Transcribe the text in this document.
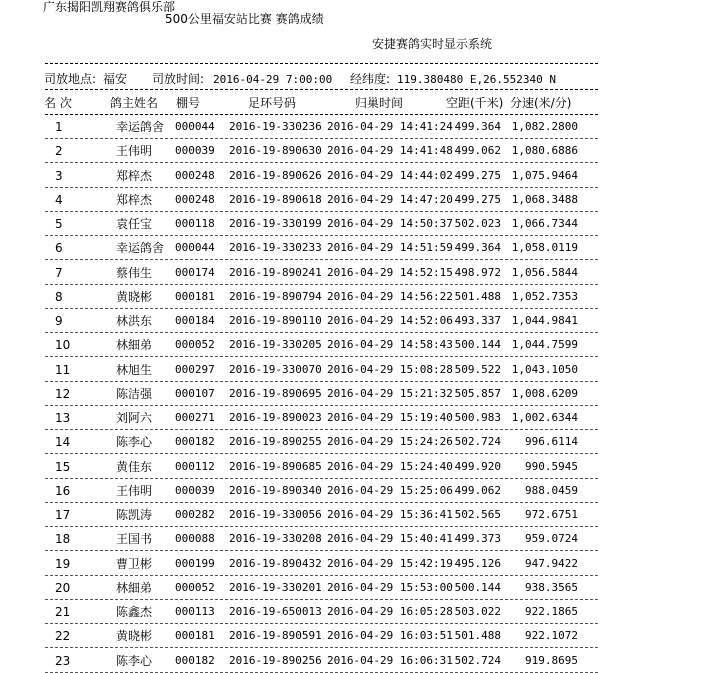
广东揭阳凯翔赛鸽俱乐部
500公里福安站比赛 赛鸽成绩
安捷赛鸽实时显示系统
司放地点: 福安 司放时间: 2016-04-29 7:00:00 经纬度: 119.380480 E,26.552340 N
名 次	鸽主姓名 棚号	足环号码	归巢时间	空距(千米) 分速(米/分)
1	幸运鸽舍 000044 2016-19-330236 2016-04-29 14:41:24 499.364 1,082.2800
2	王伟明 000039 2016-19-890630 2016-04-29 14:41:48 499.062 1,080.6886
3	郑梓杰 000248 2016-19-890626 2016-04-29 14:44:02 499.275 1,075.9464
4	郑梓杰 000248 2016-19-890618 2016-04-29 14:47:20 499.275 1,068.3488
5	袁任宝 000118 2016-19-330199 2016-04-29 14:50:37 502.023 1,066.7344
6	幸运鸽舍 000044 2016-19-330233 2016-04-29 14:51:59 499.364 1,058.0119
7	蔡伟生 000174 2016-19-890241 2016-04-29 14:52:15 498.972 1,056.5844
8	黄晓彬 000181 2016-19-890794 2016-04-29 14:56:22 501.488 1,052.7353
9	林洪东 000184 2016-19-890110 2016-04-29 14:52:06 493.337 1,044.9841
10	林細弟 000052 2016-19-330205 2016-04-29 14:58:43 500.144 1,044.7599
11	林旭生 000297 2016-19-330070 2016-04-29 15:08:28 509.522 1,043.1050
12	陈洁强 000107 2016-19-890695 2016-04-29 15:21:32 505.857 1,008.6209
13	刘阿六 000271 2016-19-890023 2016-04-29 15:19:40 500.983 1,002.6344
14	陈李心 000182 2016-19-890255 2016-04-29 15:24:26 502.724 996.6114
15	黄佳东 000112 2016-19-890685 2016-04-29 15:24:40 499.920 990.5945
16	王伟明 000039 2016-19-890340 2016-04-29 15:25:06 499.062 988.0459
17	陈凯涛 000282 2016-19-330056 2016-04-29 15:36:41 502.565 972.6751
18	王国书 000088 2016-19-330208 2016-04-29 15:40:41 499.373 959.0724
19	曹卫彬 000199 2016-19-890432 2016-04-29 15:42:19 495.126 947.9422
20	林細弟 000052 2016-19-330201 2016-04-29 15:53:00 500.144 938.3565
21	陈鑫杰 000113 2016-19-650013 2016-04-29 16:05:28 503.022 922.1865
22	黄晓彬 000181 2016-19-890591 2016-04-29 16:03:51 501.488 922.1072
23	陈李心 000182 2016-19-890256 2016-04-29 16:06:31 502.724 919.8695
